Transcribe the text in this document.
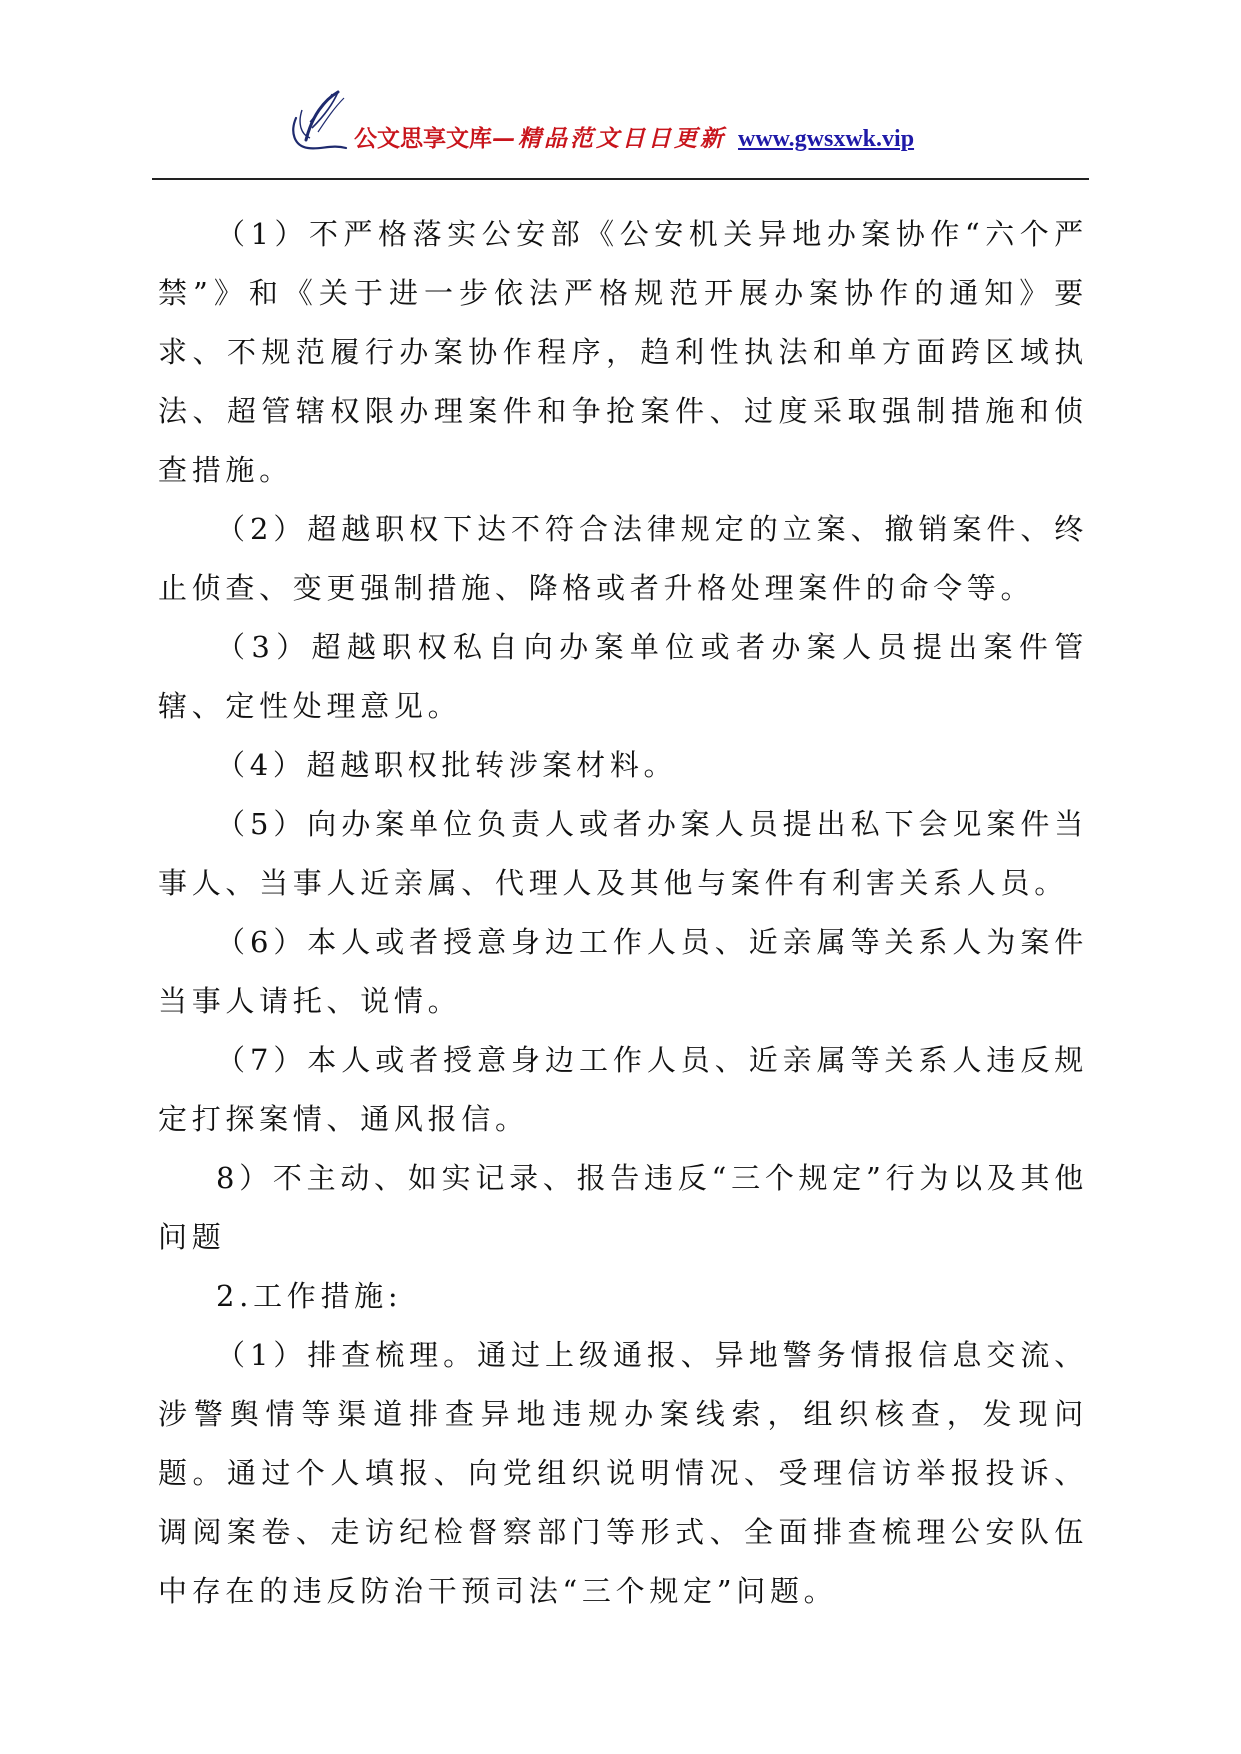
公文思享文库—精品范文日日更新 www.gwsxwk.vip

（1）不严格落实公安部《公安机关异地办案协作“六个严禁”》和《关于进一步依法严格规范开展办案协作的通知》要求、不规范履行办案协作程序，趋利性执法和单方面跨区域执法、超管辖权限办理案件和争抢案件、过度采取强制措施和侦查措施。

（2）超越职权下达不符合法律规定的立案、撤销案件、终止侦查、变更强制措施、降格或者升格处理案件的命令等。

（3）超越职权私自向办案单位或者办案人员提出案件管辖、定性处理意见。

（4）超越职权批转涉案材料。

（5）向办案单位负责人或者办案人员提出私下会见案件当事人、当事人近亲属、代理人及其他与案件有利害关系人员。

（6）本人或者授意身边工作人员、近亲属等关系人为案件当事人请托、说情。

（7）本人或者授意身边工作人员、近亲属等关系人违反规定打探案情、通风报信。

8）不主动、如实记录、报告违反“三个规定”行为以及其他问题

2.工作措施:

（1）排查梳理。通过上级通报、异地警务情报信息交流、涉警舆情等渠道排查异地违规办案线索，组织核查，发现问题。通过个人填报、向党组织说明情况、受理信访举报投诉、调阅案卷、走访纪检督察部门等形式、全面排查梳理公安队伍中存在的违反防治干预司法“三个规定”问题。
